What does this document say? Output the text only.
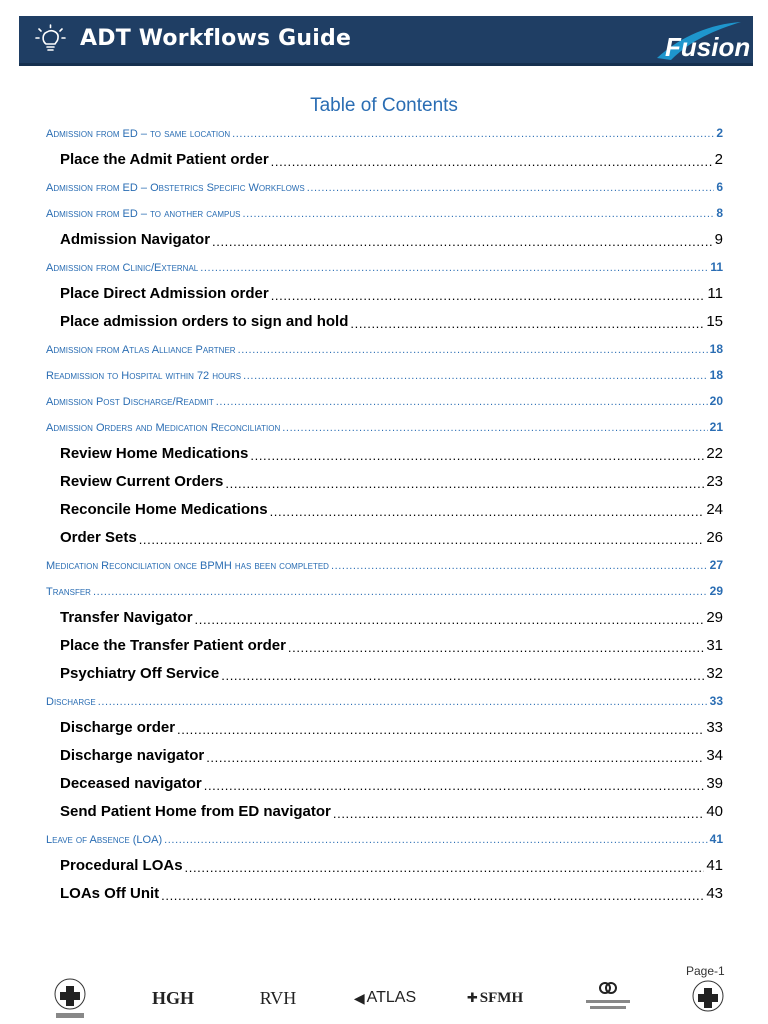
ADT Workflows Guide	Fusion
Table of Contents
Admission from ED – to same location .....	2
Place the Admit Patient order .....	2
Admission from ED – Obstetrics Specific Workflows .....	6
Admission from ED – to another campus .....	8
Admission Navigator .....	9
Admission from Clinic/External .....	11
Place Direct Admission order .....	11
Place admission orders to sign and hold .....	15
Admission from Atlas Alliance Partner .....	18
Readmission to Hospital within 72 hours .....	18
Admission Post Discharge/Readmit .....	20
Admission Orders and Medication Reconciliation .....	21
Review Home Medications .....	22
Review Current Orders .....	23
Reconcile Home Medications .....	24
Order Sets .....	26
Medication Reconciliation once BPMH has been completed .....	27
Transfer .....	29
Transfer Navigator .....	29
Place the Transfer Patient order .....	31
Psychiatry Off Service .....	32
Discharge .....	33
Discharge order .....	33
Discharge navigator .....	34
Deceased navigator .....	39
Send Patient Home from ED navigator .....	40
Leave of Absence (LOA) .....	41
Procedural LOAs .....	41
LOAs Off Unit .....	43
Page-1
HGH	RVH	◀ ATLAS	✚ SFMH
